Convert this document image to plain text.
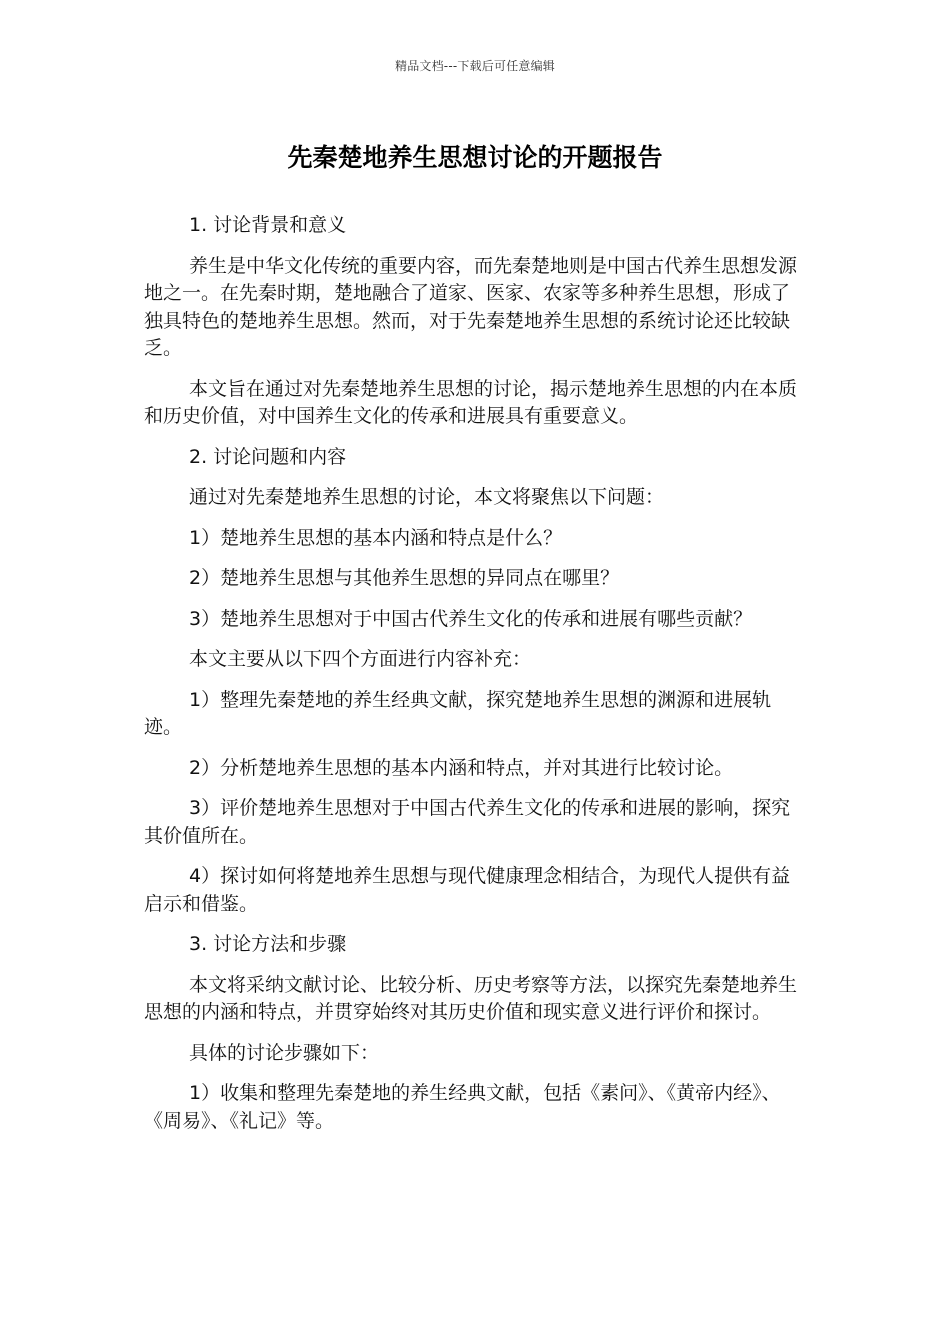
精品文档---下载后可任意编辑
先秦楚地养生思想讨论的开题报告

1. 讨论背景和意义

养生是中华文化传统的重要内容，而先秦楚地则是中国古代养生思想发源地之一。在先秦时期，楚地融合了道家、医家、农家等多种养生思想，形成了独具特色的楚地养生思想。然而，对于先秦楚地养生思想的系统讨论还比较缺乏。

本文旨在通过对先秦楚地养生思想的讨论，揭示楚地养生思想的内在本质和历史价值，对中国养生文化的传承和进展具有重要意义。

2. 讨论问题和内容

通过对先秦楚地养生思想的讨论，本文将聚焦以下问题：

1）楚地养生思想的基本内涵和特点是什么？

2）楚地养生思想与其他养生思想的异同点在哪里？

3）楚地养生思想对于中国古代养生文化的传承和进展有哪些贡献？

本文主要从以下四个方面进行内容补充：

1）整理先秦楚地的养生经典文献，探究楚地养生思想的渊源和进展轨迹。

2）分析楚地养生思想的基本内涵和特点，并对其进行比较讨论。

3）评价楚地养生思想对于中国古代养生文化的传承和进展的影响，探究其价值所在。

4）探讨如何将楚地养生思想与现代健康理念相结合，为现代人提供有益启示和借鉴。

3. 讨论方法和步骤

本文将采纳文献讨论、比较分析、历史考察等方法，以探究先秦楚地养生思想的内涵和特点，并贯穿始终对其历史价值和现实意义进行评价和探讨。

具体的讨论步骤如下：

1）收集和整理先秦楚地的养生经典文献，包括《素问》、《黄帝内经》、《周易》、《礼记》等。
